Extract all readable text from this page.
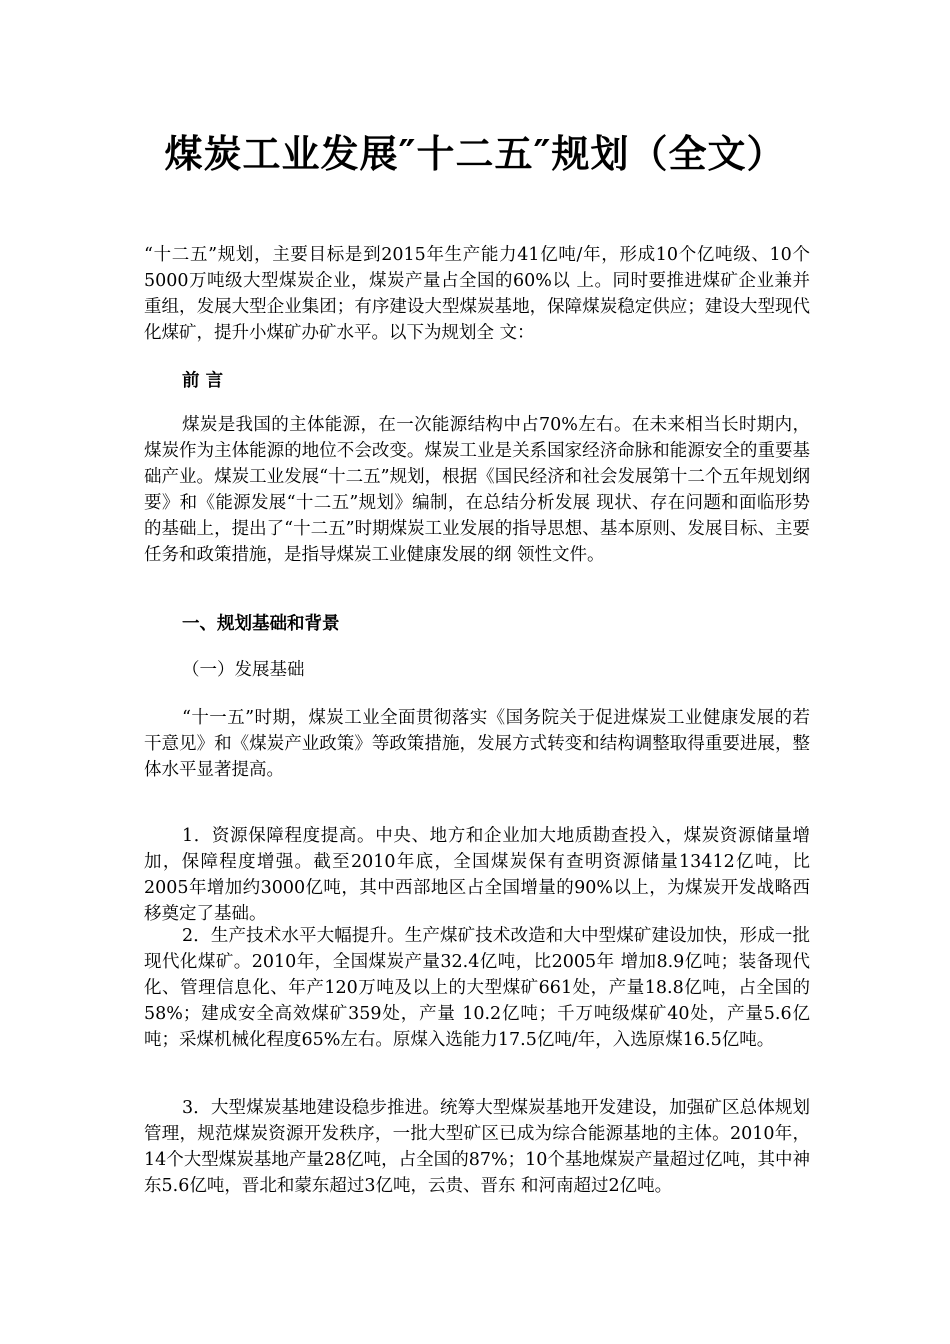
煤炭工业发展″十二五″规划（全文）

“十二五”规划，主要目标是到2015年生产能力41亿吨/年，形成10个亿吨级、10个5000万吨级大型煤炭企业，煤炭产量占全国的60%以 上。同时要推进煤矿企业兼并重组，发展大型企业集团；有序建设大型煤炭基地，保障煤炭稳定供应；建设大型现代化煤矿，提升小煤矿办矿水平。以下为规划全 文：

前 言

煤炭是我国的主体能源，在一次能源结构中占70%左右。在未来相当长时期内，煤炭作为主体能源的地位不会改变。煤炭工业是关系国家经济命脉和能源安全的重要基础产业。煤炭工业发展“十二五”规划，根据《国民经济和社会发展第十二个五年规划纲要》和《能源发展“十二五”规划》编制，在总结分析发展 现状、存在问题和面临形势的基础上，提出了“十二五”时期煤炭工业发展的指导思想、基本原则、发展目标、主要任务和政策措施，是指导煤炭工业健康发展的纲 领性文件。

一、规划基础和背景

（一）发展基础

“十一五”时期，煤炭工业全面贯彻落实《国务院关于促进煤炭工业健康发展的若干意见》和《煤炭产业政策》等政策措施，发展方式转变和结构调整取得重要进展，整体水平显著提高。

1．资源保障程度提高。中央、地方和企业加大地质勘查投入，煤炭资源储量增加，保障程度增强。截至2010年底，全国煤炭保有查明资源储量13412亿吨，比2005年增加约3000亿吨，其中西部地区占全国增量的90%以上，为煤炭开发战略西移奠定了基础。

2．生产技术水平大幅提升。生产煤矿技术改造和大中型煤矿建设加快，形成一批现代化煤矿。2010年，全国煤炭产量32.4亿吨，比2005年 增加8.9亿吨；装备现代化、管理信息化、年产120万吨及以上的大型煤矿661处，产量18.8亿吨，占全国的58%；建成安全高效煤矿359处，产量 10.2亿吨；千万吨级煤矿40处，产量5.6亿吨；采煤机械化程度65%左右。原煤入选能力17.5亿吨/年，入选原煤16.5亿吨。

3．大型煤炭基地建设稳步推进。统筹大型煤炭基地开发建设，加强矿区总体规划管理，规范煤炭资源开发秩序，一批大型矿区已成为综合能源基地的主体。2010年，14个大型煤炭基地产量28亿吨，占全国的87%；10个基地煤炭产量超过亿吨，其中神东5.6亿吨，晋北和蒙东超过3亿吨，云贵、晋东 和河南超过2亿吨。
